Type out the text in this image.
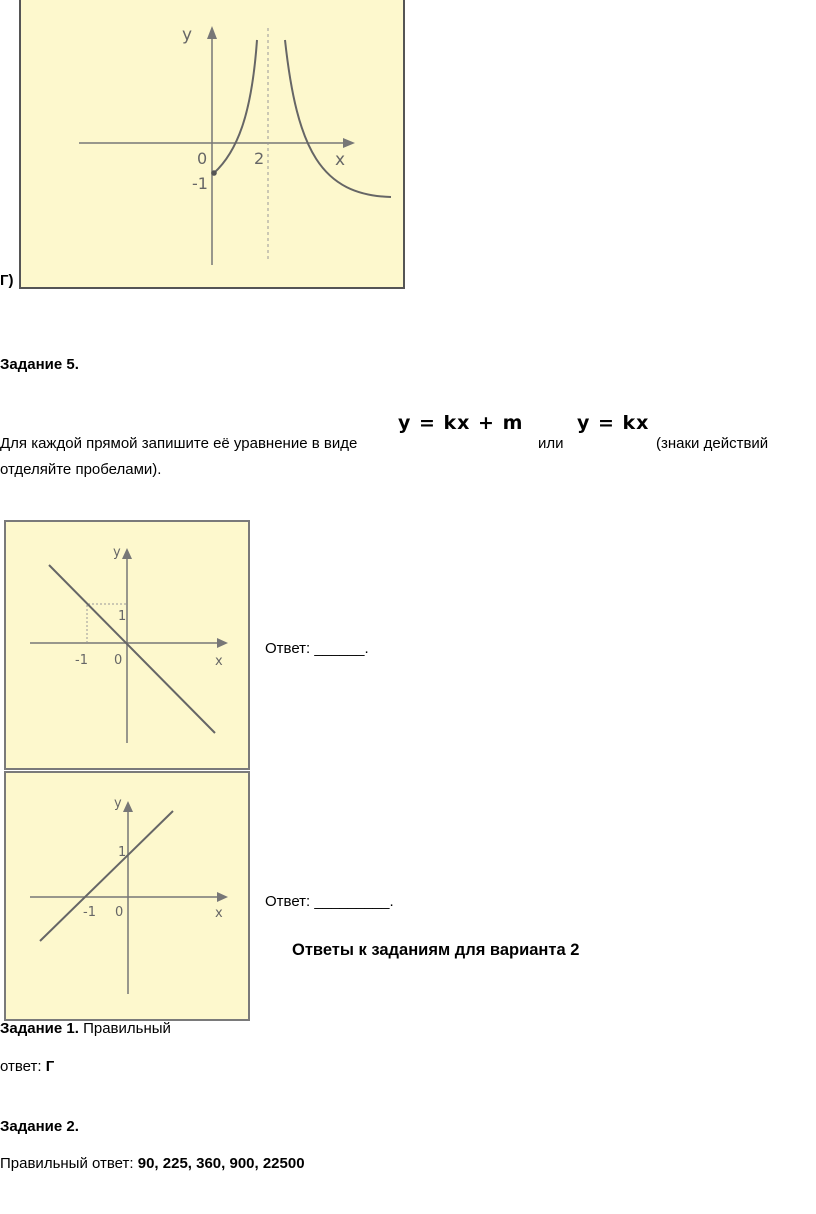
y
x
0	2
-1
Г)
Задание 5.
Для каждой прямой запишите её уравнение в виде
y = kx + m
или
y = kx
(знаки действий
отделяйте пробелами).
y
x
0
-1
1
Ответ: ______.
y
x
0
-1
1
Ответ: _________.
Ответы к заданиям для варианта 2
Задание 1. Правильный
ответ: Г
Задание 2.
Правильный ответ: 90, 225, 360, 900, 22500
